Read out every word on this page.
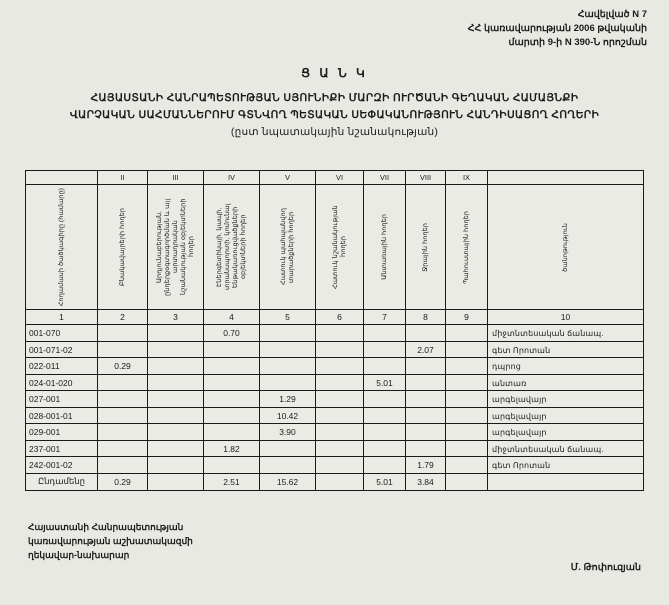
Հավելված N 7
ՀՀ կառավարության 2006 թվականի
մարտի 9-ի N 390-Ն որոշման
Ց Ա Ն Կ
ՀԱՅԱՍՏԱՆԻ ՀԱՆՐԱՊԵՏՈՒԹՅԱՆ ՍՅՈՒՆԻՔԻ ՄԱՐԶԻ ՈՒՐԾԱՆԻ ԳԵՂԱԿԱՆ ՀԱՄԱՅՆՔԻ
ՎԱՐՉԱԿԱՆ ՍԱՀՄԱՆՆԵՐՈՒՄ ԳՏՆՎՈՂ ՊԵՏԱԿԱՆ ՍԵՓԱԿԱՆՈՒԹՅՈՒՆ ՀԱՆԴԻՍԱՑՈՂ ՀՈՂԵՐԻ
(ըստ նպատակային նշանակության)
	II	III	IV	V	VI	VII	VIII	IX	

Հողամասի ծածկագիրը (համարը)	Բնակավայրերի հողեր	Արդյունաբերության, ընդերքօգտագործման և այլ արտադրական նշանակության օբյեկտների հողեր	Էներգետիկայի, կապի, տրանսպորտի, կոմունալ ենթակառուցվածքների օբյեկտների հողեր	Հատուկ պահպանվող տարածքների հողեր	Հատուկ նշանակության հողեր	Անտառային հողեր	Ջրային հողեր	Պահուստային հողեր	ծանոթություն

1	2	3	4	5	6	7	8	9	10
001-070			0.70						միջտնտեսական ճանապ.
001-071-02							2.07		գետ Որոտան
022-011	0.29								դպրոց
024-01-020						5.01			անտառ
027-001				1.29					արգելավայր
028-001-01				10.42					արգելավայր
029-001				3.90					արգելավայր
237-001			1.82						միջտնտեսական ճանապ.
242-001-02							1.79		գետ Որոտան
Ընդամենը	0.29		2.51	15.62		5.01	3.84		
Հայաստանի Հանրապետության
կառավարության աշխատակազմի
ղեկավար-նախարար
Մ. Թոփուզյան
